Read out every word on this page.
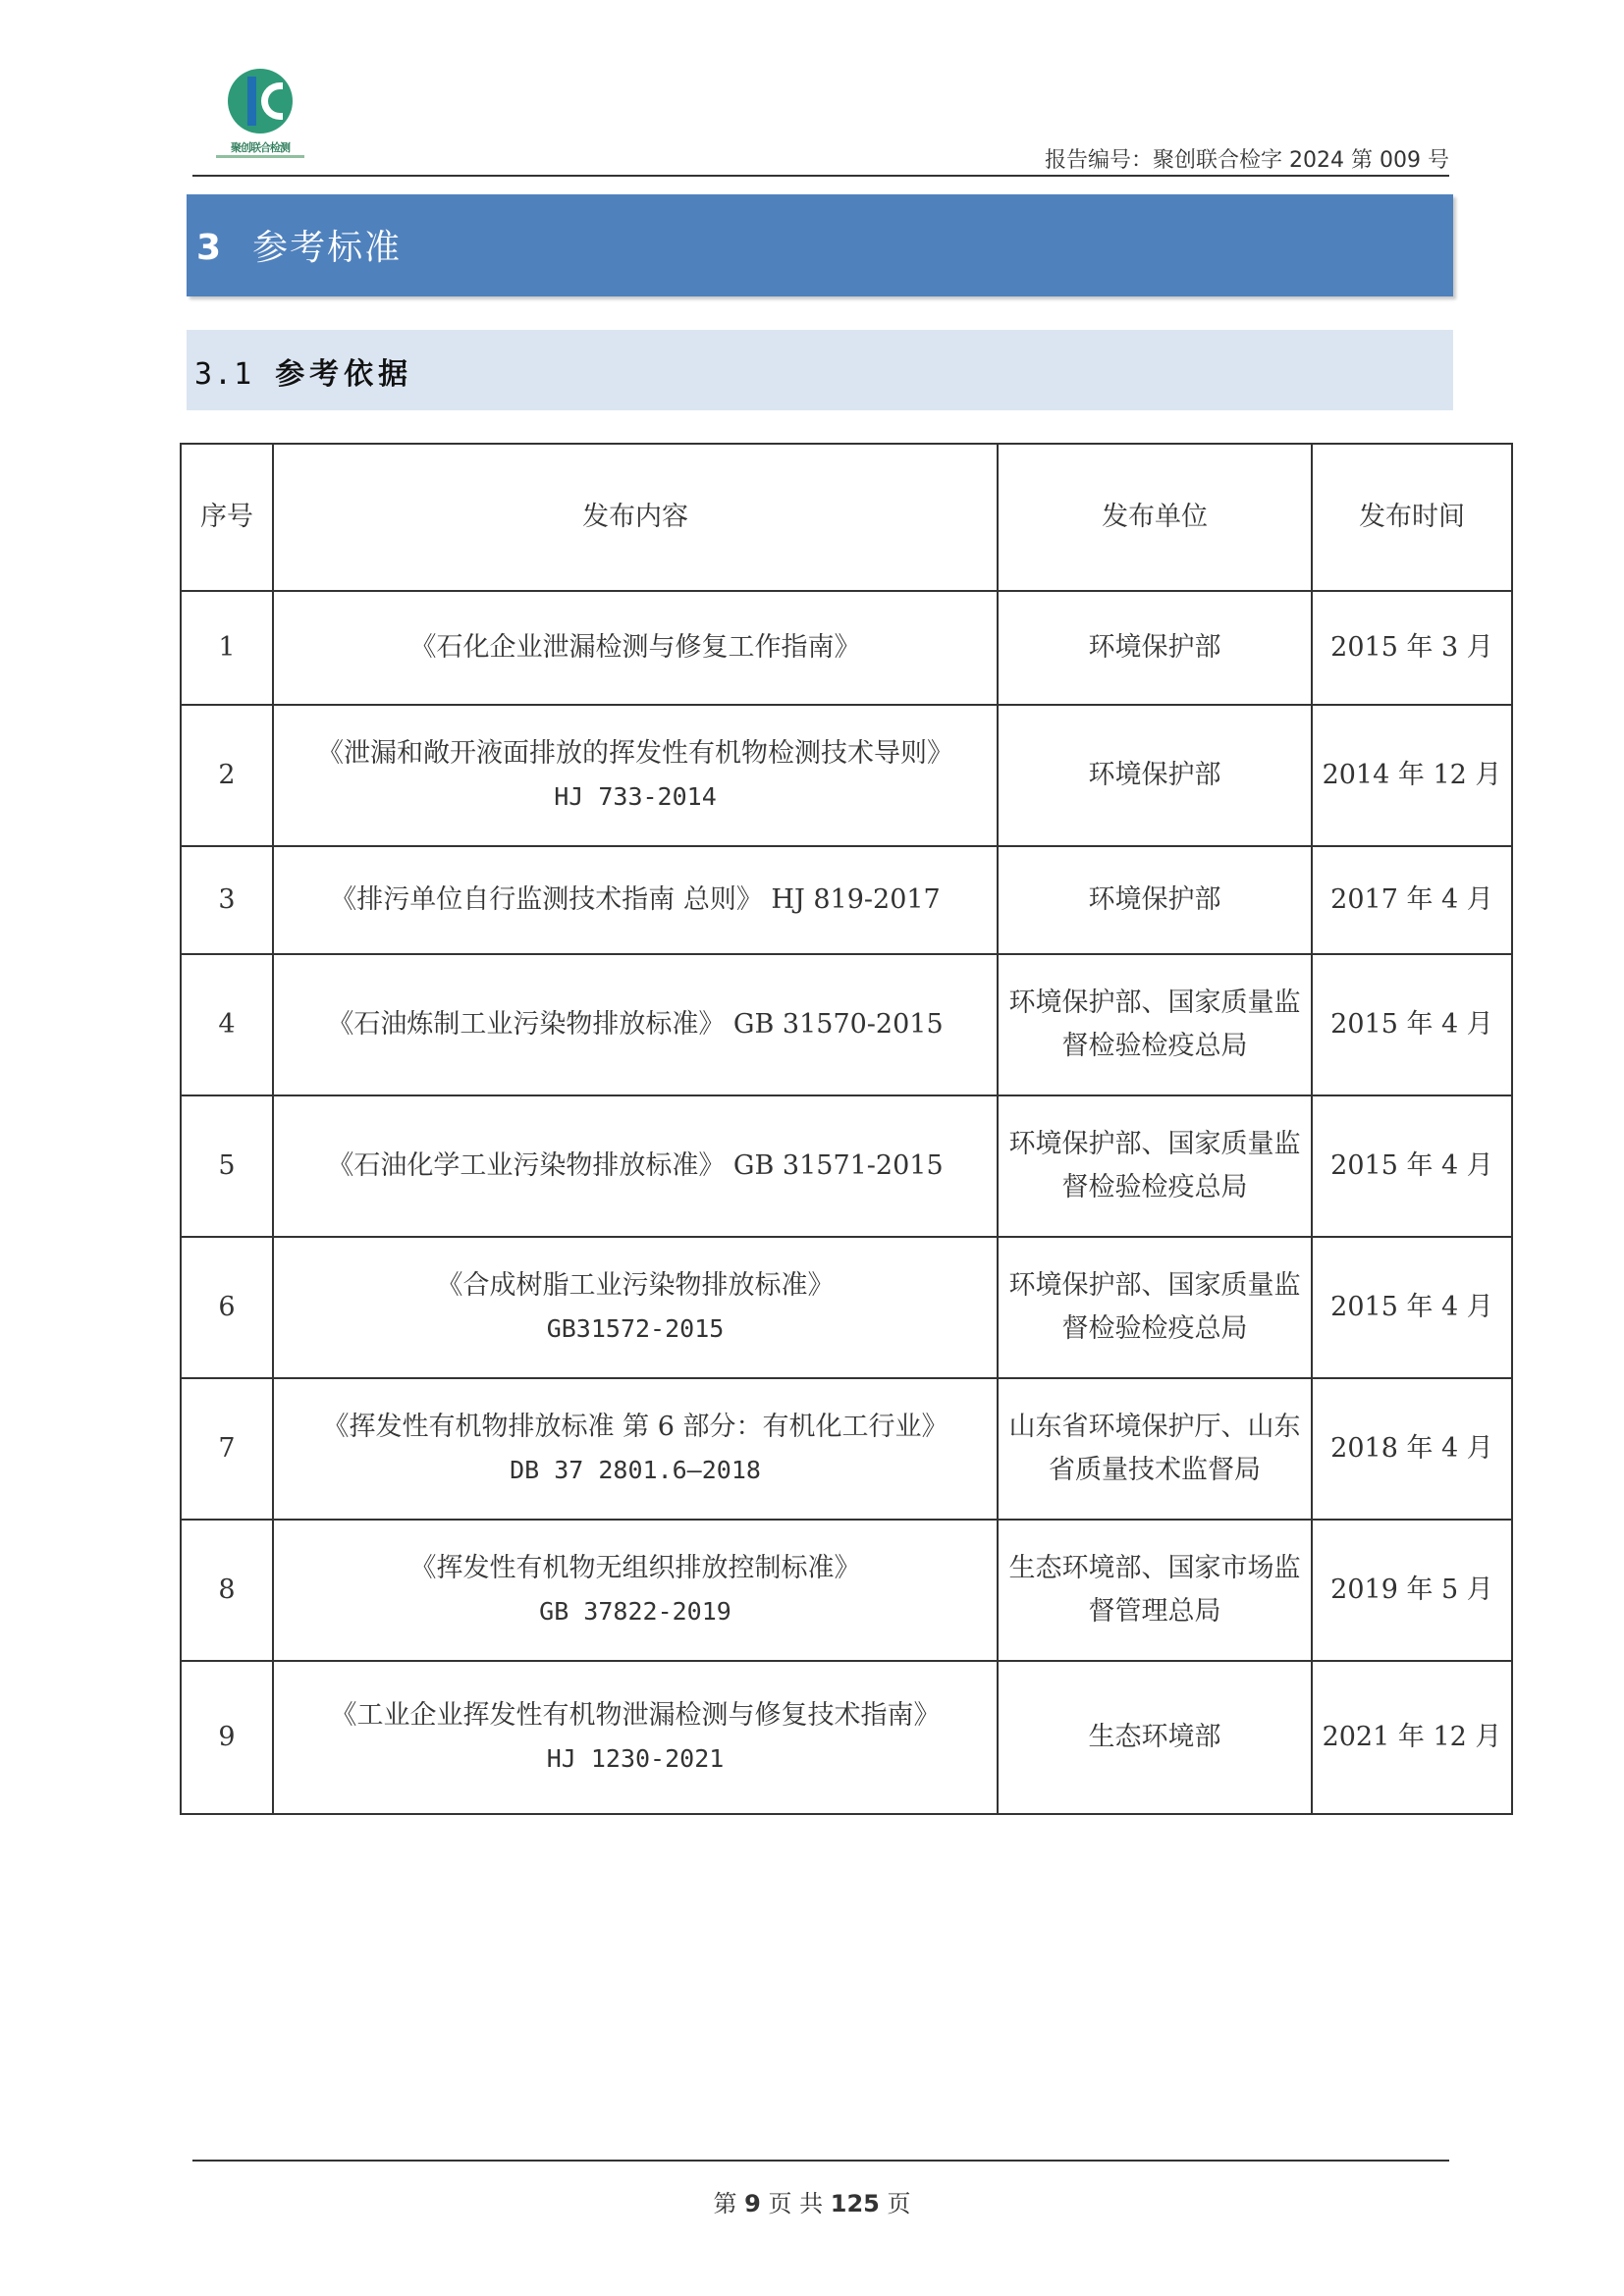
聚创联合检测
报告编号：聚创联合检字 2024 第 009 号
3 参考标准
3.1 参考依据
序号	发布内容	发布单位	发布时间
1	《石化企业泄漏检测与修复工作指南》	环境保护部	2015 年 3 月
2	《泄漏和敞开液面排放的挥发性有机物检测技术导则》
HJ 733-2014	环境保护部	2014 年 12 月
3	《排污单位自行监测技术指南 总则》 HJ 819-2017	环境保护部	2017 年 4 月
4	《石油炼制工业污染物排放标准》 GB 31570-2015	环境保护部、国家质量监督检验检疫总局	2015 年 4 月
5	《石油化学工业污染物排放标准》 GB 31571-2015	环境保护部、国家质量监督检验检疫总局	2015 年 4 月
6	《合成树脂工业污染物排放标准》
GB31572-2015	环境保护部、国家质量监督检验检疫总局	2015 年 4 月
7	《挥发性有机物排放标准 第 6 部分：有机化工行业》
DB 37 2801.6—2018	山东省环境保护厅、山东省质量技术监督局	2018 年 4 月
8	《挥发性有机物无组织排放控制标准》
GB 37822-2019	生态环境部、国家市场监督管理总局	2019 年 5 月
9	《工业企业挥发性有机物泄漏检测与修复技术指南》
HJ 1230-2021	生态环境部	2021 年 12 月
第 9 页 共 125 页
